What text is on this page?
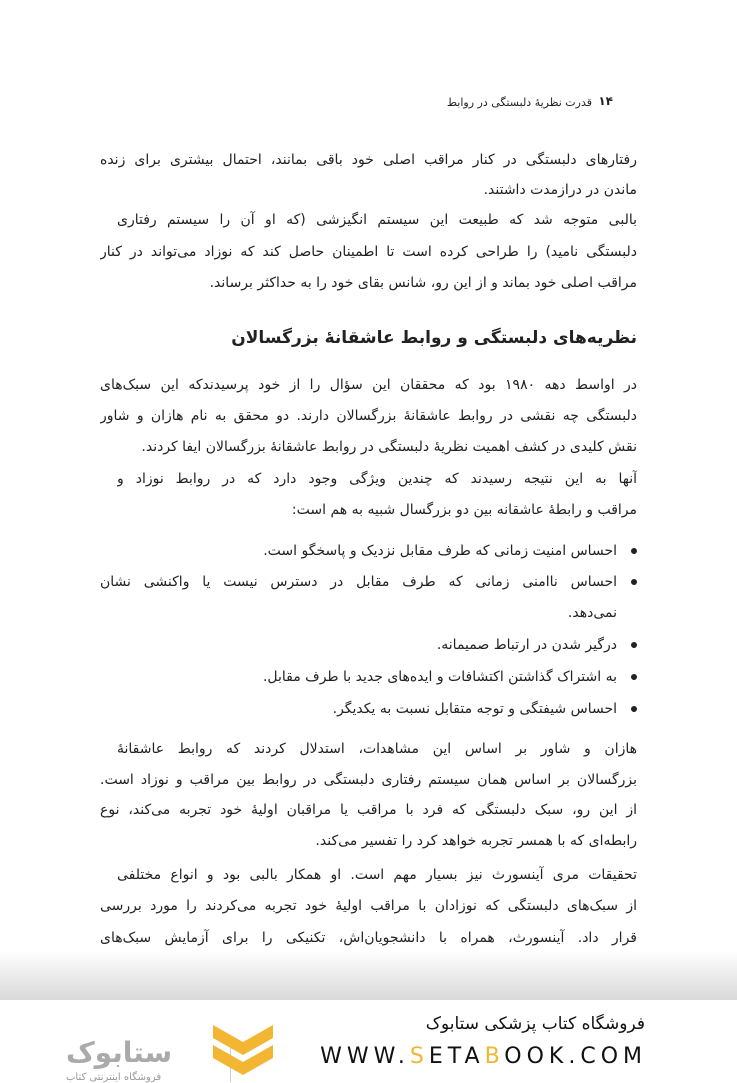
۱۴
قدرت نظریهٔ دلبستگی در روابط
رفتارهای دلبستگی در کنار مراقب اصلی خود باقی بمانند، احتمال بیشتری برای زنده
ماندن در درازمدت داشتند.
بالبی متوجه شد که طبیعت این سیستم انگیزشی (که او آن را سیستم رفتاری
دلبستگی نامید) را طراحی کرده است تا اطمینان حاصل کند که نوزاد می‌تواند در کنار
مراقب اصلی خود بماند و از این رو، شانس بقای خود را به حداکثر برساند.
نظریه‌های دلبستگی و روابط عاشقانهٔ بزرگسالان
در اواسط دهه ۱۹۸۰ بود که محققان این سؤال را از خود پرسیدندکه این سبک‌های
دلبستگی چه نقشی در روابط عاشقانهٔ بزرگسالان دارند. دو محقق به نام هازان و شاور
نقش کلیدی در کشف اهمیت نظریهٔ دلبستگی در روابط عاشقانهٔ بزرگسالان ایفا کردند.
آنها به این نتیجه رسیدند که چندین ویژگی وجود دارد که در روابط نوزاد و
مراقب و رابطهٔ عاشقانه بین دو بزرگسال شبیه به هم است:
احساس امنیت زمانی که طرف مقابل نزدیک و پاسخگو است.
احساس ناامنی زمانی که طرف مقابل در دسترس نیست یا واکنشی نشان
نمی‌دهد.
درگیر شدن در ارتباط صمیمانه.
به اشتراک گذاشتن اکتشافات و ایده‌های جدید با طرف مقابل.
احساس شیفتگی و توجه متقابل نسبت به یکدیگر.
هازان و شاور بر اساس این مشاهدات، استدلال کردند که روابط عاشقانهٔ
بزرگسالان بر اساس همان سیستم رفتاری دلبستگی در روابط بین مراقب و نوزاد است.
از این رو، سبک دلبستگی که فرد با مراقب یا مراقبان اولیهٔ خود تجربه می‌کند، نوع
رابطه‌ای که با همسر تجربه خواهد کرد را تفسیر می‌کند.
تحقیقات مری آینسورث نیز بسیار مهم است. او همکار بالبی بود و انواع مختلفی
از سبک‌های دلبستگی که نوزادان با مراقب اولیهٔ خود تجربه می‌کردند را مورد بررسی
قرار داد. آینسورث، همراه با دانشجویان‌اش، تکنیکی را برای آزمایش سبک‌های
ستابوک
فروشگاه اینترنتی کتاب
فروشگاه کتاب پزشکی ستابوک
WWW.SETABOOK.COM
